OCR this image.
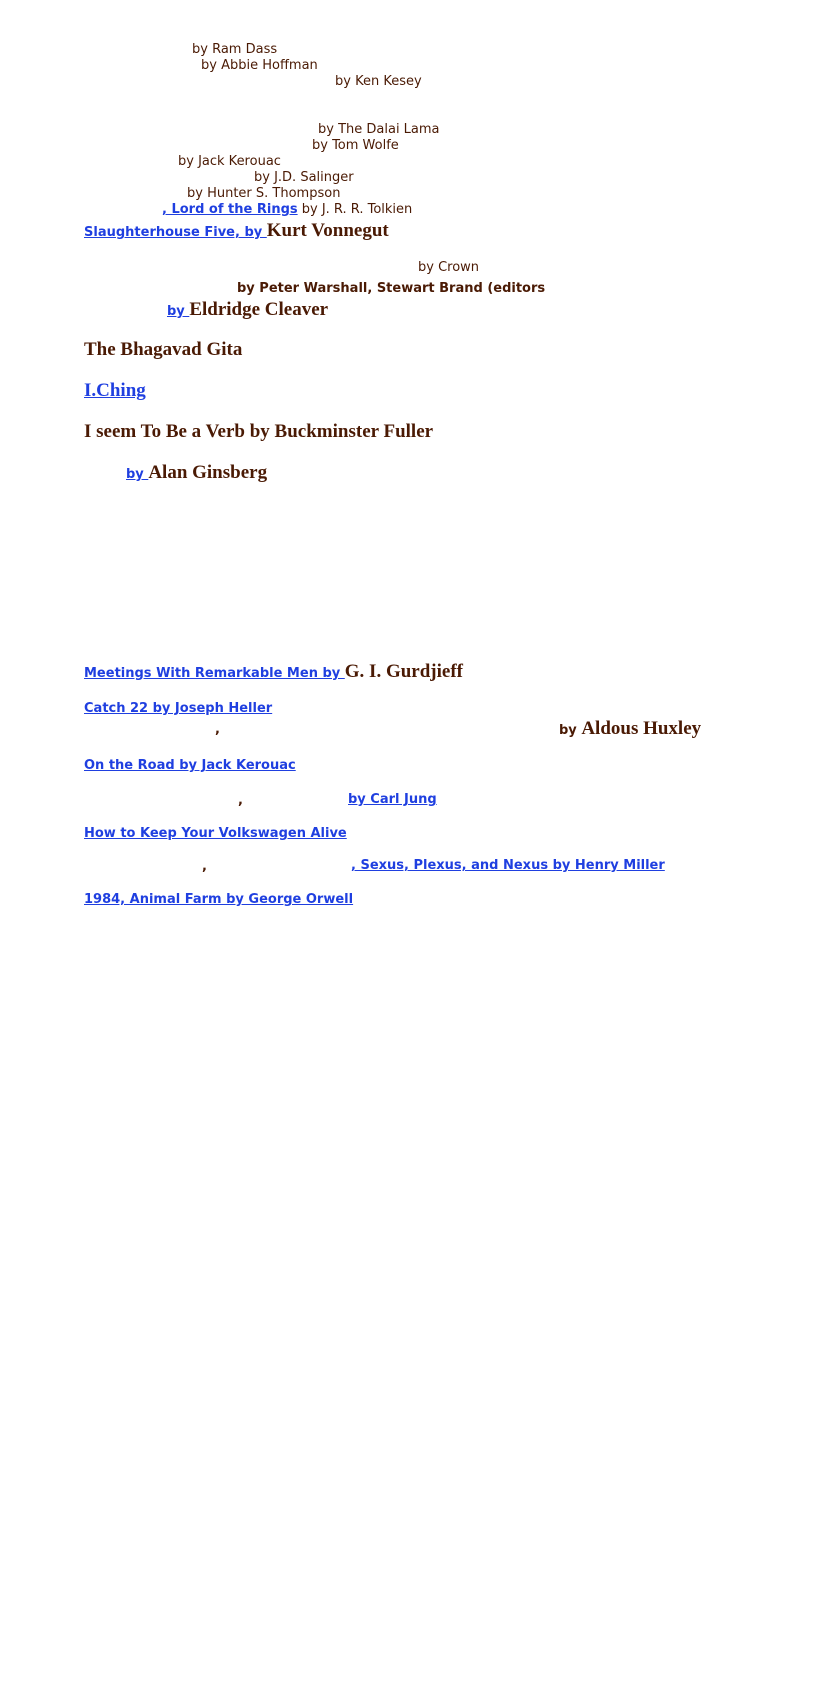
by Ram Dass
by Abbie Hoffman
by Ken Kesey
by The Dalai Lama
by Tom Wolfe
by Jack Kerouac
by J.D. Salinger
by Hunter S. Thompson
, Lord of the Rings by J. R. R. Tolkien
Slaughterhouse Five, by Kurt Vonnegut
by Crown
by Peter Warshall, Stewart Brand (editors
by Eldridge Cleaver
The Bhagavad Gita
I.Ching
I seem To Be a Verb by Buckminster Fuller
by Alan Ginsberg
Meetings With Remarkable Men by G. I. Gurdjieff
Catch 22 by Joseph Heller
,	by Aldous Huxley
On the Road by Jack Kerouac
,	by Carl Jung
How to Keep Your Volkswagen Alive
,	, Sexus, Plexus, and Nexus by Henry Miller
1984, Animal Farm by George Orwell
